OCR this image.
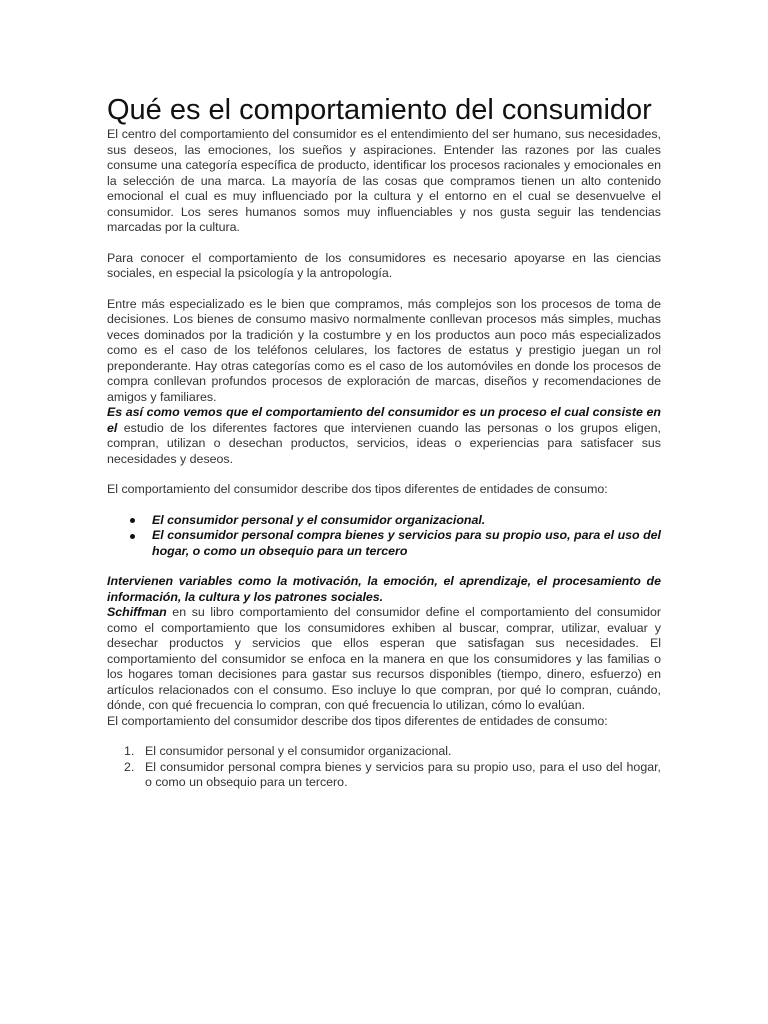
Qué es el comportamiento del consumidor

El centro del comportamiento del consumidor es el entendimiento del ser humano, sus necesidades, sus deseos, las emociones, los sueños y aspiraciones. Entender las razones por las cuales consume una categoría específica de producto, identificar los procesos racionales y emocionales en la selección de una marca. La mayoría de las cosas que compramos tienen un alto contenido emocional el cual es muy influenciado por la cultura y el entorno en el cual se desenvuelve el consumidor. Los seres humanos somos muy influenciables y nos gusta seguir las tendencias marcadas por la cultura.

Para conocer el comportamiento de los consumidores es necesario apoyarse en las ciencias sociales, en especial la psicología y la antropología.

Entre más especializado es le bien que compramos, más complejos son los procesos de toma de decisiones. Los bienes de consumo masivo normalmente conllevan procesos más simples, muchas veces dominados por la tradición y la costumbre y en los productos aun poco más especializados como es el caso de los teléfonos celulares, los factores de estatus y prestigio juegan un rol preponderante. Hay otras categorías como es el caso de los automóviles en donde los procesos de compra conllevan profundos procesos de exploración de marcas, diseños y recomendaciones de amigos y familiares.

Es así como vemos que el comportamiento del consumidor es un proceso el cual consiste en el estudio de los diferentes factores que intervienen cuando las personas o los grupos eligen, compran, utilizan o desechan productos, servicios, ideas o experiencias para satisfacer sus necesidades y deseos.

El comportamiento del consumidor describe dos tipos diferentes de entidades de consumo:

El consumidor personal y el consumidor organizacional.
El consumidor personal compra bienes y servicios para su propio uso, para el uso del hogar, o como un obsequio para un tercero

Intervienen variables como la motivación, la emoción, el aprendizaje, el procesamiento de información, la cultura y los patrones sociales.

Schiffman en su libro comportamiento del consumidor define el comportamiento del consumidor como el comportamiento que los consumidores exhiben al buscar, comprar, utilizar, evaluar y desechar productos y servicios que ellos esperan que satisfagan sus necesidades. El comportamiento del consumidor se enfoca en la manera en que los consumidores y las familias o los hogares toman decisiones para gastar sus recursos disponibles (tiempo, dinero, esfuerzo) en artículos relacionados con el consumo. Eso incluye lo que compran, por qué lo compran, cuándo, dónde, con qué frecuencia lo compran, con qué frecuencia lo utilizan, cómo lo evalúan.

El comportamiento del consumidor describe dos tipos diferentes de entidades de consumo:

1. El consumidor personal y el consumidor organizacional.
2. El consumidor personal compra bienes y servicios para su propio uso, para el uso del hogar, o como un obsequio para un tercero.
